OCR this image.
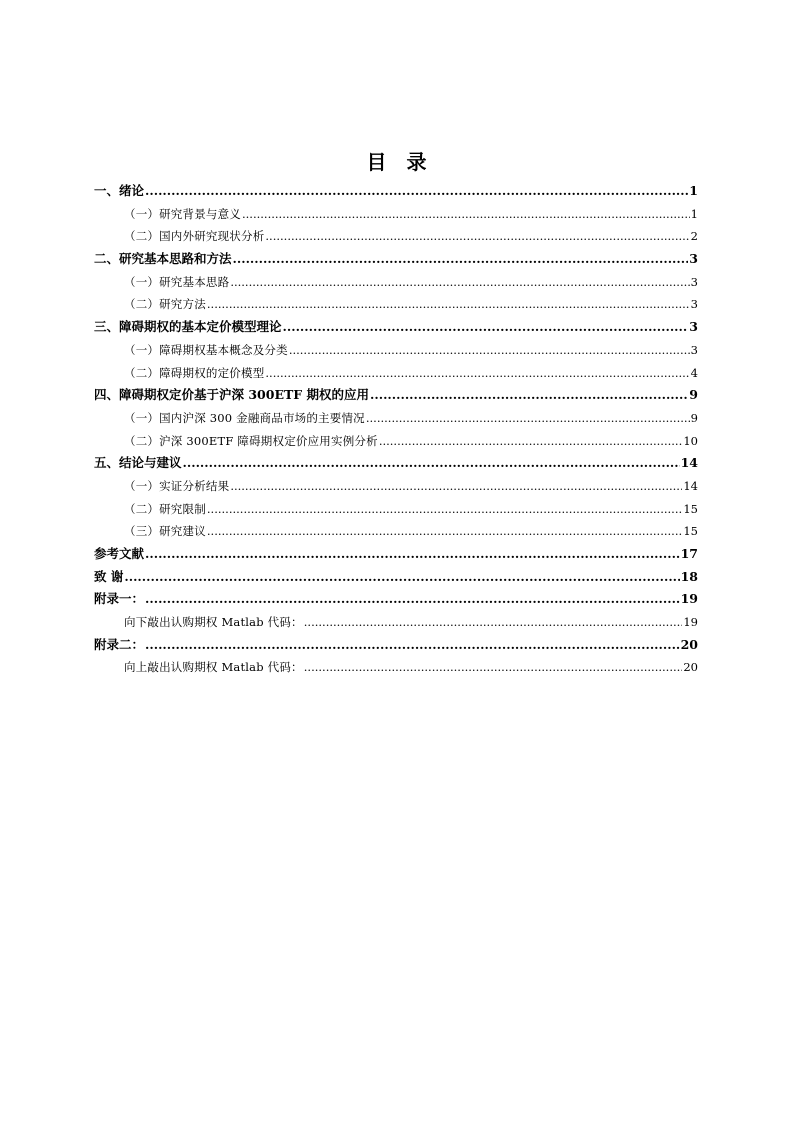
目 录
一、绪论 .....	1
（一）研究背景与意义 .....	1
（二）国内外研究现状分析 .....	2
二、研究基本思路和方法 .....	3
（一）研究基本思路 .....	3
（二）研究方法 .....	3
三、障碍期权的基本定价模型理论 .....	3
（一）障碍期权基本概念及分类 .....	3
（二）障碍期权的定价模型 .....	4
四、障碍期权定价基于沪深 300ETF 期权的应用 .....	9
（一）国内沪深 300 金融商品市场的主要情况 .....	9
（二）沪深 300ETF 障碍期权定价应用实例分析 .....	10
五、结论与建议 .....	14
（一）实证分析结果 .....	14
（二）研究限制 .....	15
（三）研究建议 .....	15
参考文献 .....	17
致 谢 .....	18
附录一： .....	19
向下敲出认购期权 Matlab 代码： .....	19
附录二： .....	20
向上敲出认购期权 Matlab 代码： .....	20
